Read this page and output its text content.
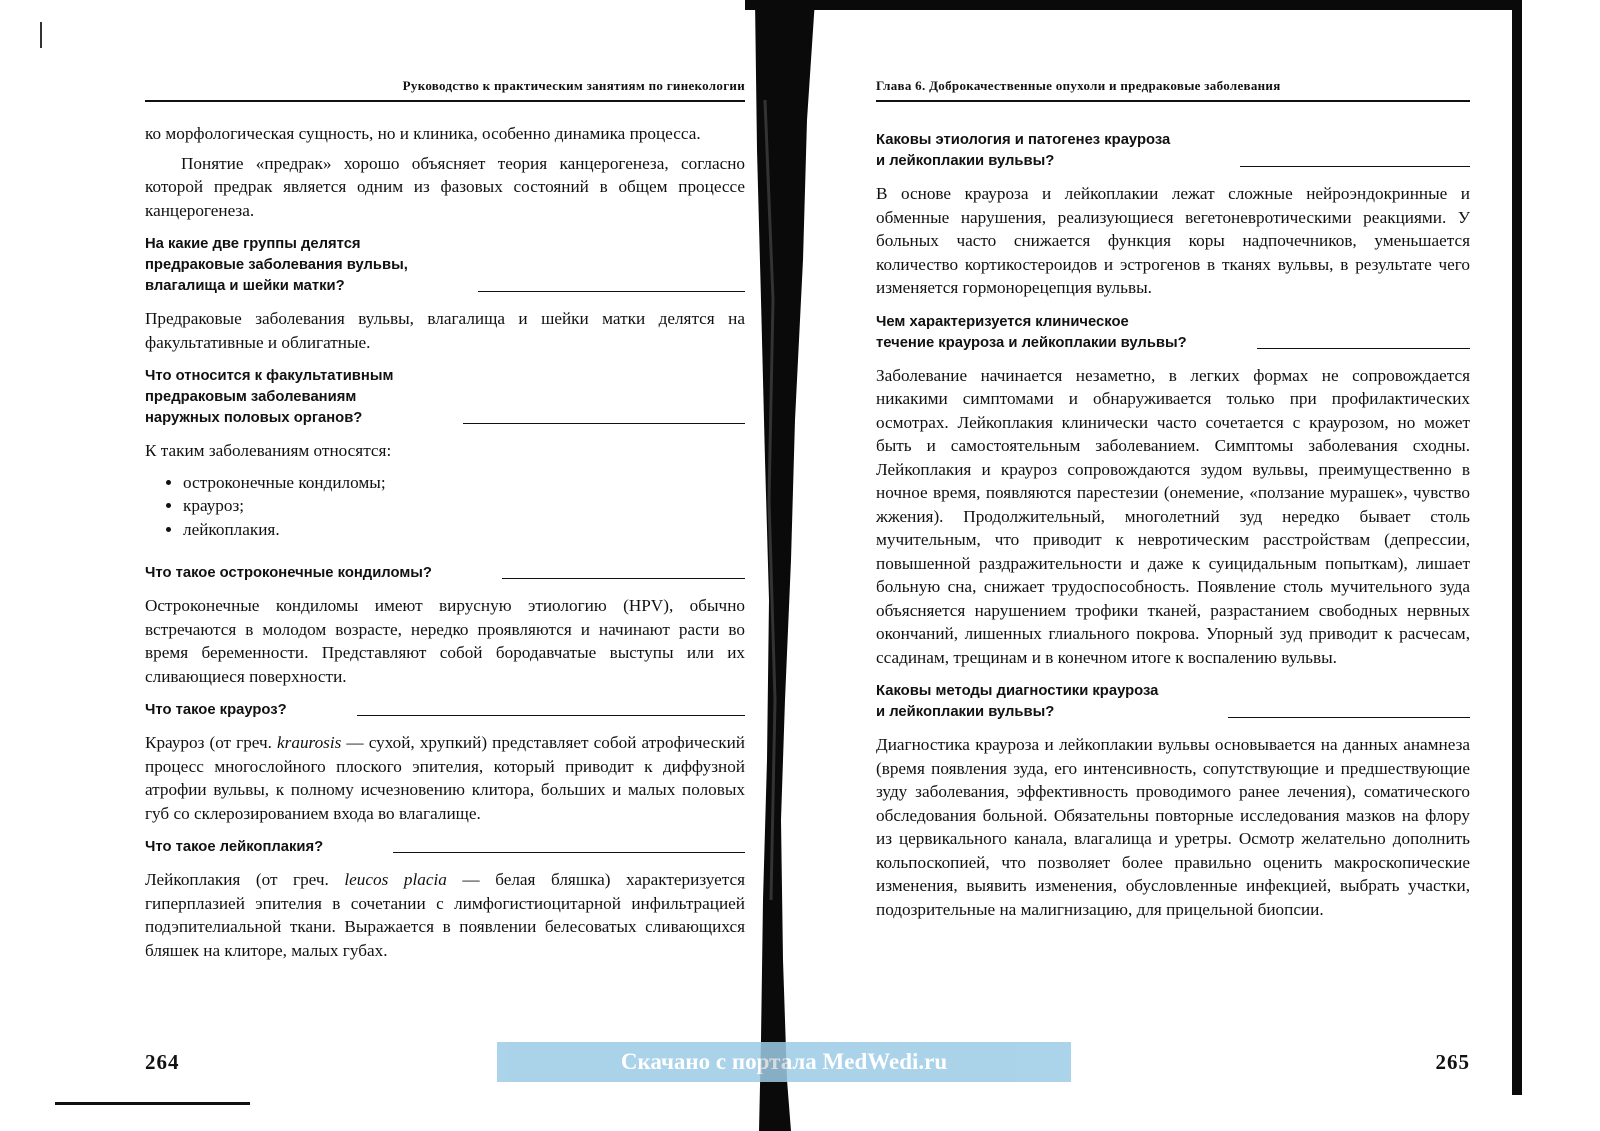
Руководство к практическим занятиям по гинекологии

ко морфологическая сущность, но и клиника, особенно динамика процесса.

Понятие «предрак» хорошо объясняет теория канцерогенеза, согласно которой предрак является одним из фазовых состояний в общем процессе канцерогенеза.

На какие две группы делятся
предраковые заболевания вульвы,
влагалища и шейки матки?

Предраковые заболевания вульвы, влагалища и шейки матки делятся на факультативные и облигатные.

Что относится к факультативным
предраковым заболеваниям
наружных половых органов?

К таким заболеваниям относятся:

• остроконечные кондиломы;
• крауроз;
• лейкоплакия.
Что такое остроконечные кондиломы?

Остроконечные кондиломы имеют вирусную этиологию (HPV), обычно встречаются в молодом возрасте, нередко проявляются и начинают расти во время беременности. Представляют собой бородавчатые выступы или их сливающиеся поверхности.

Что такое крауроз?

Крауроз (от греч. kraurosis — сухой, хрупкий) представляет собой атрофический процесс многослойного плоского эпителия, который приводит к диффузной атрофии вульвы, к полному исчезновению клитора, больших и малых половых губ со склерозированием входа во влагалище.

Что такое лейкоплакия?

Лейкоплакия (от греч. leucos placia — белая бляшка) характеризуется гиперплазией эпителия в сочетании с лимфогистиоцитарной инфильтрацией подэпителиальной ткани. Выражается в появлении белесоватых сливающихся бляшек на клиторе, малых губах.

264
Глава 6. Доброкачественные опухоли и предраковые заболевания
Каковы этиология и патогенез крауроза
и лейкоплакии вульвы?

В основе крауроза и лейкоплакии лежат сложные нейроэндокринные и обменные нарушения, реализующиеся вегетоневротическими реакциями. У больных часто снижается функция коры надпочечников, уменьшается количество кортикостероидов и эстрогенов в тканях вульвы, в результате чего изменяется гормонорецепция вульвы.

Чем характеризуется клиническое
течение крауроза и лейкоплакии вульвы?

Заболевание начинается незаметно, в легких формах не сопровождается никакими симптомами и обнаруживается только при профилактических осмотрах. Лейкоплакия клинически часто сочетается с краурозом, но может быть и самостоятельным заболеванием. Симптомы заболевания сходны. Лейкоплакия и крауроз сопровождаются зудом вульвы, преимущественно в ночное время, появляются парестезии (онемение, «ползание мурашек», чувство жжения). Продолжительный, многолетний зуд нередко бывает столь мучительным, что приводит к невротическим расстройствам (депрессии, повышенной раздражительности и даже к суицидальным попыткам), лишает больную сна, снижает трудоспособность. Появление столь мучительного зуда объясняется нарушением трофики тканей, разрастанием свободных нервных окончаний, лишенных глиального покрова. Упорный зуд приводит к расчесам, ссадинам, трещинам и в конечном итоге к воспалению вульвы.

Каковы методы диагностики крауроза
и лейкоплакии вульвы?

Диагностика крауроза и лейкоплакии вульвы основывается на данных анамнеза (время появления зуда, его интенсивность, сопутствующие и предшествующие зуду заболевания, эффективность проводимого ранее лечения), соматического обследования больной. Обязательны повторные исследования мазков на флору из цервикального канала, влагалища и уретры. Осмотр желательно дополнить кольпоскопией, что позволяет более правильно оценить макроскопические изменения, выявить изменения, обусловленные инфекцией, выбрать участки, подозрительные на малигнизацию, для прицельной биопсии.

265
Скачано с портала MedWedi.ru
